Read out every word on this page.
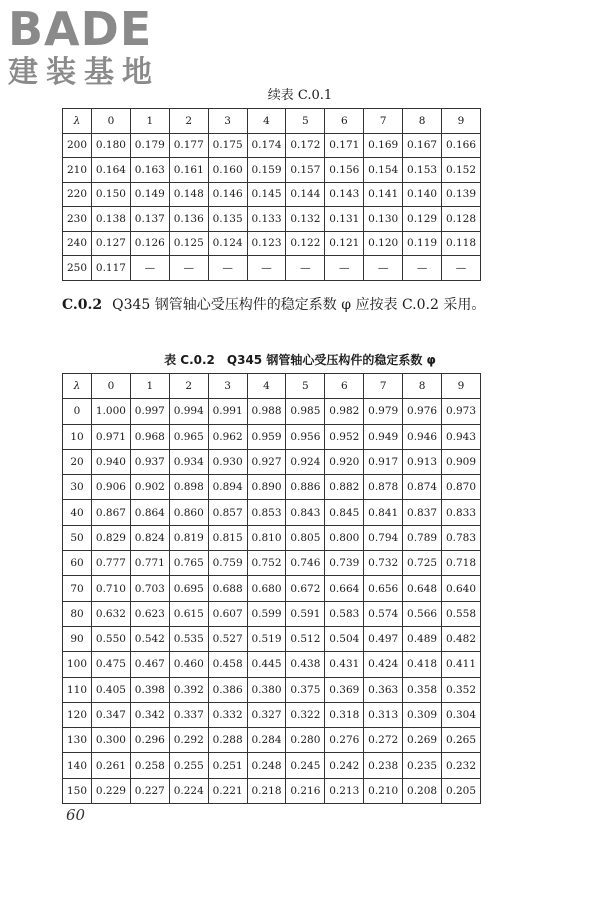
BADE
建装基地
续表 C.0.1
λ	0	1	2	3	4	5	6	7	8	9
200	0.180	0.179	0.177	0.175	0.174	0.172	0.171	0.169	0.167	0.166
210	0.164	0.163	0.161	0.160	0.159	0.157	0.156	0.154	0.153	0.152
220	0.150	0.149	0.148	0.146	0.145	0.144	0.143	0.141	0.140	0.139
230	0.138	0.137	0.136	0.135	0.133	0.132	0.131	0.130	0.129	0.128
240	0.127	0.126	0.125	0.124	0.123	0.122	0.121	0.120	0.119	0.118
250	0.117	—	—	—	—	—	—	—	—	—
C.0.2 Q345 钢管轴心受压构件的稳定系数 φ 应按表 C.0.2 采用。
表 C.0.2 Q345 钢管轴心受压构件的稳定系数 φ
λ	0	1	2	3	4	5	6	7	8	9
0	1.000	0.997	0.994	0.991	0.988	0.985	0.982	0.979	0.976	0.973
10	0.971	0.968	0.965	0.962	0.959	0.956	0.952	0.949	0.946	0.943
20	0.940	0.937	0.934	0.930	0.927	0.924	0.920	0.917	0.913	0.909
30	0.906	0.902	0.898	0.894	0.890	0.886	0.882	0.878	0.874	0.870
40	0.867	0.864	0.860	0.857	0.853	0.843	0.845	0.841	0.837	0.833
50	0.829	0.824	0.819	0.815	0.810	0.805	0.800	0.794	0.789	0.783
60	0.777	0.771	0.765	0.759	0.752	0.746	0.739	0.732	0.725	0.718
70	0.710	0.703	0.695	0.688	0.680	0.672	0.664	0.656	0.648	0.640
80	0.632	0.623	0.615	0.607	0.599	0.591	0.583	0.574	0.566	0.558
90	0.550	0.542	0.535	0.527	0.519	0.512	0.504	0.497	0.489	0.482
100	0.475	0.467	0.460	0.458	0.445	0.438	0.431	0.424	0.418	0.411
110	0.405	0.398	0.392	0.386	0.380	0.375	0.369	0.363	0.358	0.352
120	0.347	0.342	0.337	0.332	0.327	0.322	0.318	0.313	0.309	0.304
130	0.300	0.296	0.292	0.288	0.284	0.280	0.276	0.272	0.269	0.265
140	0.261	0.258	0.255	0.251	0.248	0.245	0.242	0.238	0.235	0.232
150	0.229	0.227	0.224	0.221	0.218	0.216	0.213	0.210	0.208	0.205
60
